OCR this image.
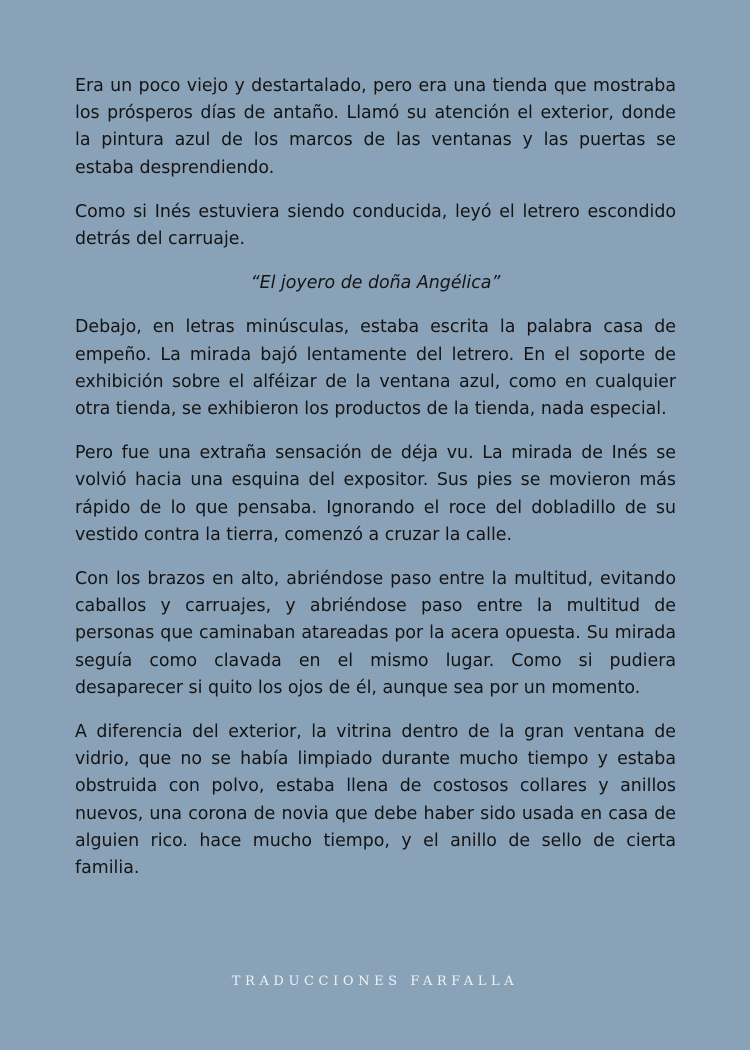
Era un poco viejo y destartalado, pero era una tienda que mostraba los prósperos días de antaño. Llamó su atención el exterior, donde la pintura azul de los marcos de las ventanas y las puertas se estaba desprendiendo.

Como si Inés estuviera siendo conducida, leyó el letrero escondido detrás del carruaje.

“El joyero de doña Angélica”

Debajo, en letras minúsculas, estaba escrita la palabra casa de empeño. La mirada bajó lentamente del letrero. En el soporte de exhibición sobre el alféizar de la ventana azul, como en cualquier otra tienda, se exhibieron los productos de la tienda, nada especial.

Pero fue una extraña sensación de déja vu. La mirada de Inés se volvió hacia una esquina del expositor. Sus pies se movieron más rápido de lo que pensaba. Ignorando el roce del dobladillo de su vestido contra la tierra, comenzó a cruzar la calle.

Con los brazos en alto, abriéndose paso entre la multitud, evitando caballos y carruajes, y abriéndose paso entre la multitud de personas que caminaban atareadas por la acera opuesta. Su mirada seguía como clavada en el mismo lugar. Como si pudiera desaparecer si quito los ojos de él, aunque sea por un momento.

A diferencia del exterior, la vitrina dentro de la gran ventana de vidrio, que no se había limpiado durante mucho tiempo y estaba obstruida con polvo, estaba llena de costosos collares y anillos nuevos, una corona de novia que debe haber sido usada en casa de alguien rico. hace mucho tiempo, y el anillo de sello de cierta familia.

TRADUCCIONES FARFALLA
